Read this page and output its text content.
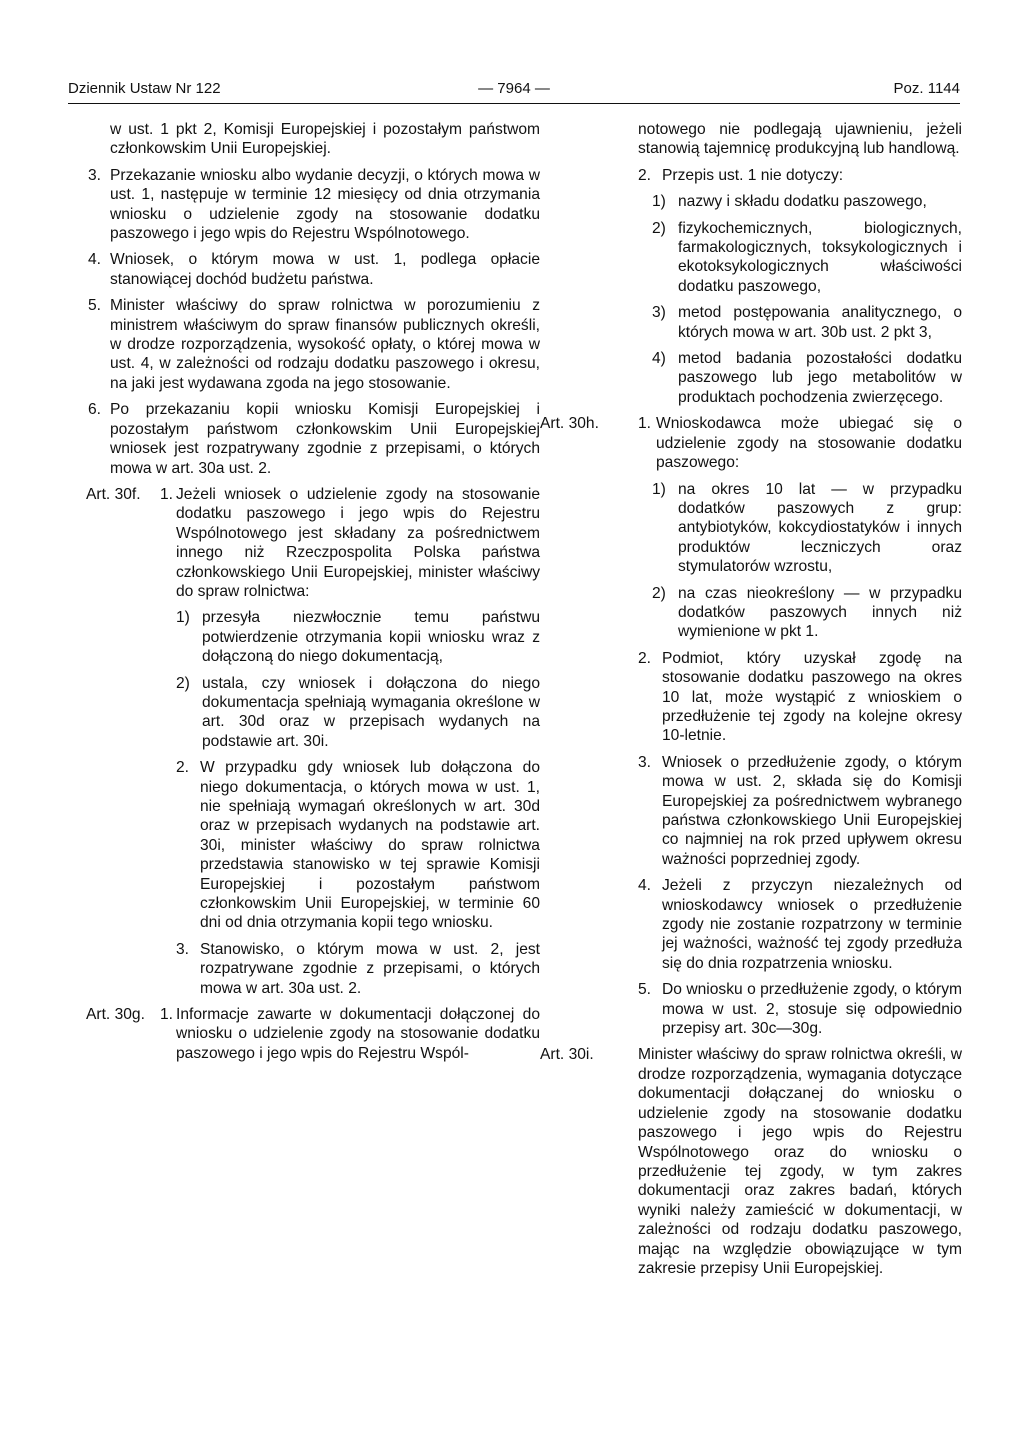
Dziennik Ustaw Nr 122	— 7964 —	Poz. 1144
w ust. 1 pkt 2, Komisji Europejskiej i pozostałym państwom członkowskim Unii Europejskiej.
3. Przekazanie wniosku albo wydanie decyzji, o których mowa w ust. 1, następuje w terminie 12 miesięcy od dnia otrzymania wniosku o udzielenie zgody na stosowanie dodatku paszowego i jego wpis do Rejestru Wspólnotowego.
4. Wniosek, o którym mowa w ust. 1, podlega opłacie stanowiącej dochód budżetu państwa.
5. Minister właściwy do spraw rolnictwa w porozumieniu z ministrem właściwym do spraw finansów publicznych określi, w drodze rozporządzenia, wysokość opłaty, o której mowa w ust. 4, w zależności od rodzaju dodatku paszowego i okresu, na jaki jest wydawana zgoda na jego stosowanie.
6. Po przekazaniu kopii wniosku Komisji Europejskiej i pozostałym państwom członkowskim Unii Europejskiej wniosek jest rozpatrywany zgodnie z przepisami, o których mowa w art. 30a ust. 2.
Art. 30f. 1. Jeżeli wniosek o udzielenie zgody na stosowanie dodatku paszowego i jego wpis do Rejestru Wspólnotowego jest składany za pośrednictwem innego niż Rzeczpospolita Polska państwa członkowskiego Unii Europejskiej, minister właściwy do spraw rolnictwa:
1) przesyła niezwłocznie temu państwu potwierdzenie otrzymania kopii wniosku wraz z dołączoną do niego dokumentacją,
2) ustala, czy wniosek i dołączona do niego dokumentacja spełniają wymagania określone w art. 30d oraz w przepisach wydanych na podstawie art. 30i.
2. W przypadku gdy wniosek lub dołączona do niego dokumentacja, o których mowa w ust. 1, nie spełniają wymagań określonych w art. 30d oraz w przepisach wydanych na podstawie art. 30i, minister właściwy do spraw rolnictwa przedstawia stanowisko w tej sprawie Komisji Europejskiej i pozostałym państwom członkowskim Unii Europejskiej, w terminie 60 dni od dnia otrzymania kopii tego wniosku.
3. Stanowisko, o którym mowa w ust. 2, jest rozpatrywane zgodnie z przepisami, o których mowa w art. 30a ust. 2.
Art. 30g. 1. Informacje zawarte w dokumentacji dołączonej do wniosku o udzielenie zgody na stosowanie dodatku paszowego i jego wpis do Rejestru Wspól-
notowego nie podlegają ujawnieniu, jeżeli stanowią tajemnicę produkcyjną lub handlową.
2. Przepis ust. 1 nie dotyczy:
1) nazwy i składu dodatku paszowego,
2) fizykochemicznych, biologicznych, farmakologicznych, toksykologicznych i ekotoksykologicznych właściwości dodatku paszowego,
3) metod postępowania analitycznego, o których mowa w art. 30b ust. 2 pkt 3,
4) metod badania pozostałości dodatku paszowego lub jego metabolitów w produktach pochodzenia zwierzęcego.
Art. 30h.	1. Wnioskodawca może ubiegać się o udzielenie zgody na stosowanie dodatku paszowego:
1) na okres 10 lat — w przypadku dodatków paszowych z grup: antybiotyków, kokcydiostatyków i innych produktów leczniczych oraz stymulatorów wzrostu,
2) na czas nieokreślony — w przypadku dodatków paszowych innych niż wymienione w pkt 1.
2. Podmiot, który uzyskał zgodę na stosowanie dodatku paszowego na okres 10 lat, może wystąpić z wnioskiem o przedłużenie tej zgody na kolejne okresy 10-letnie.
3. Wniosek o przedłużenie zgody, o którym mowa w ust. 2, składa się do Komisji Europejskiej za pośrednictwem wybranego państwa członkowskiego Unii Europejskiej co najmniej na rok przed upływem okresu ważności poprzedniej zgody.
4. Jeżeli z przyczyn niezależnych od wnioskodawcy wniosek o przedłużenie zgody nie zostanie rozpatrzony w terminie jej ważności, ważność tej zgody przedłuża się do dnia rozpatrzenia wniosku.
5. Do wniosku o przedłużenie zgody, o którym mowa w ust. 2, stosuje się odpowiednio przepisy art. 30c—30g.
Art. 30i.	Minister właściwy do spraw rolnictwa określi, w drodze rozporządzenia, wymagania dotyczące dokumentacji dołączanej do wniosku o udzielenie zgody na stosowanie dodatku paszowego i jego wpis do Rejestru Wspólnotowego oraz do wniosku o przedłużenie tej zgody, w tym zakres dokumentacji oraz zakres badań, których wyniki należy zamieścić w dokumentacji, w zależności od rodzaju dodatku paszowego, mając na względzie obowiązujące w tym zakresie przepisy Unii Europejskiej.
